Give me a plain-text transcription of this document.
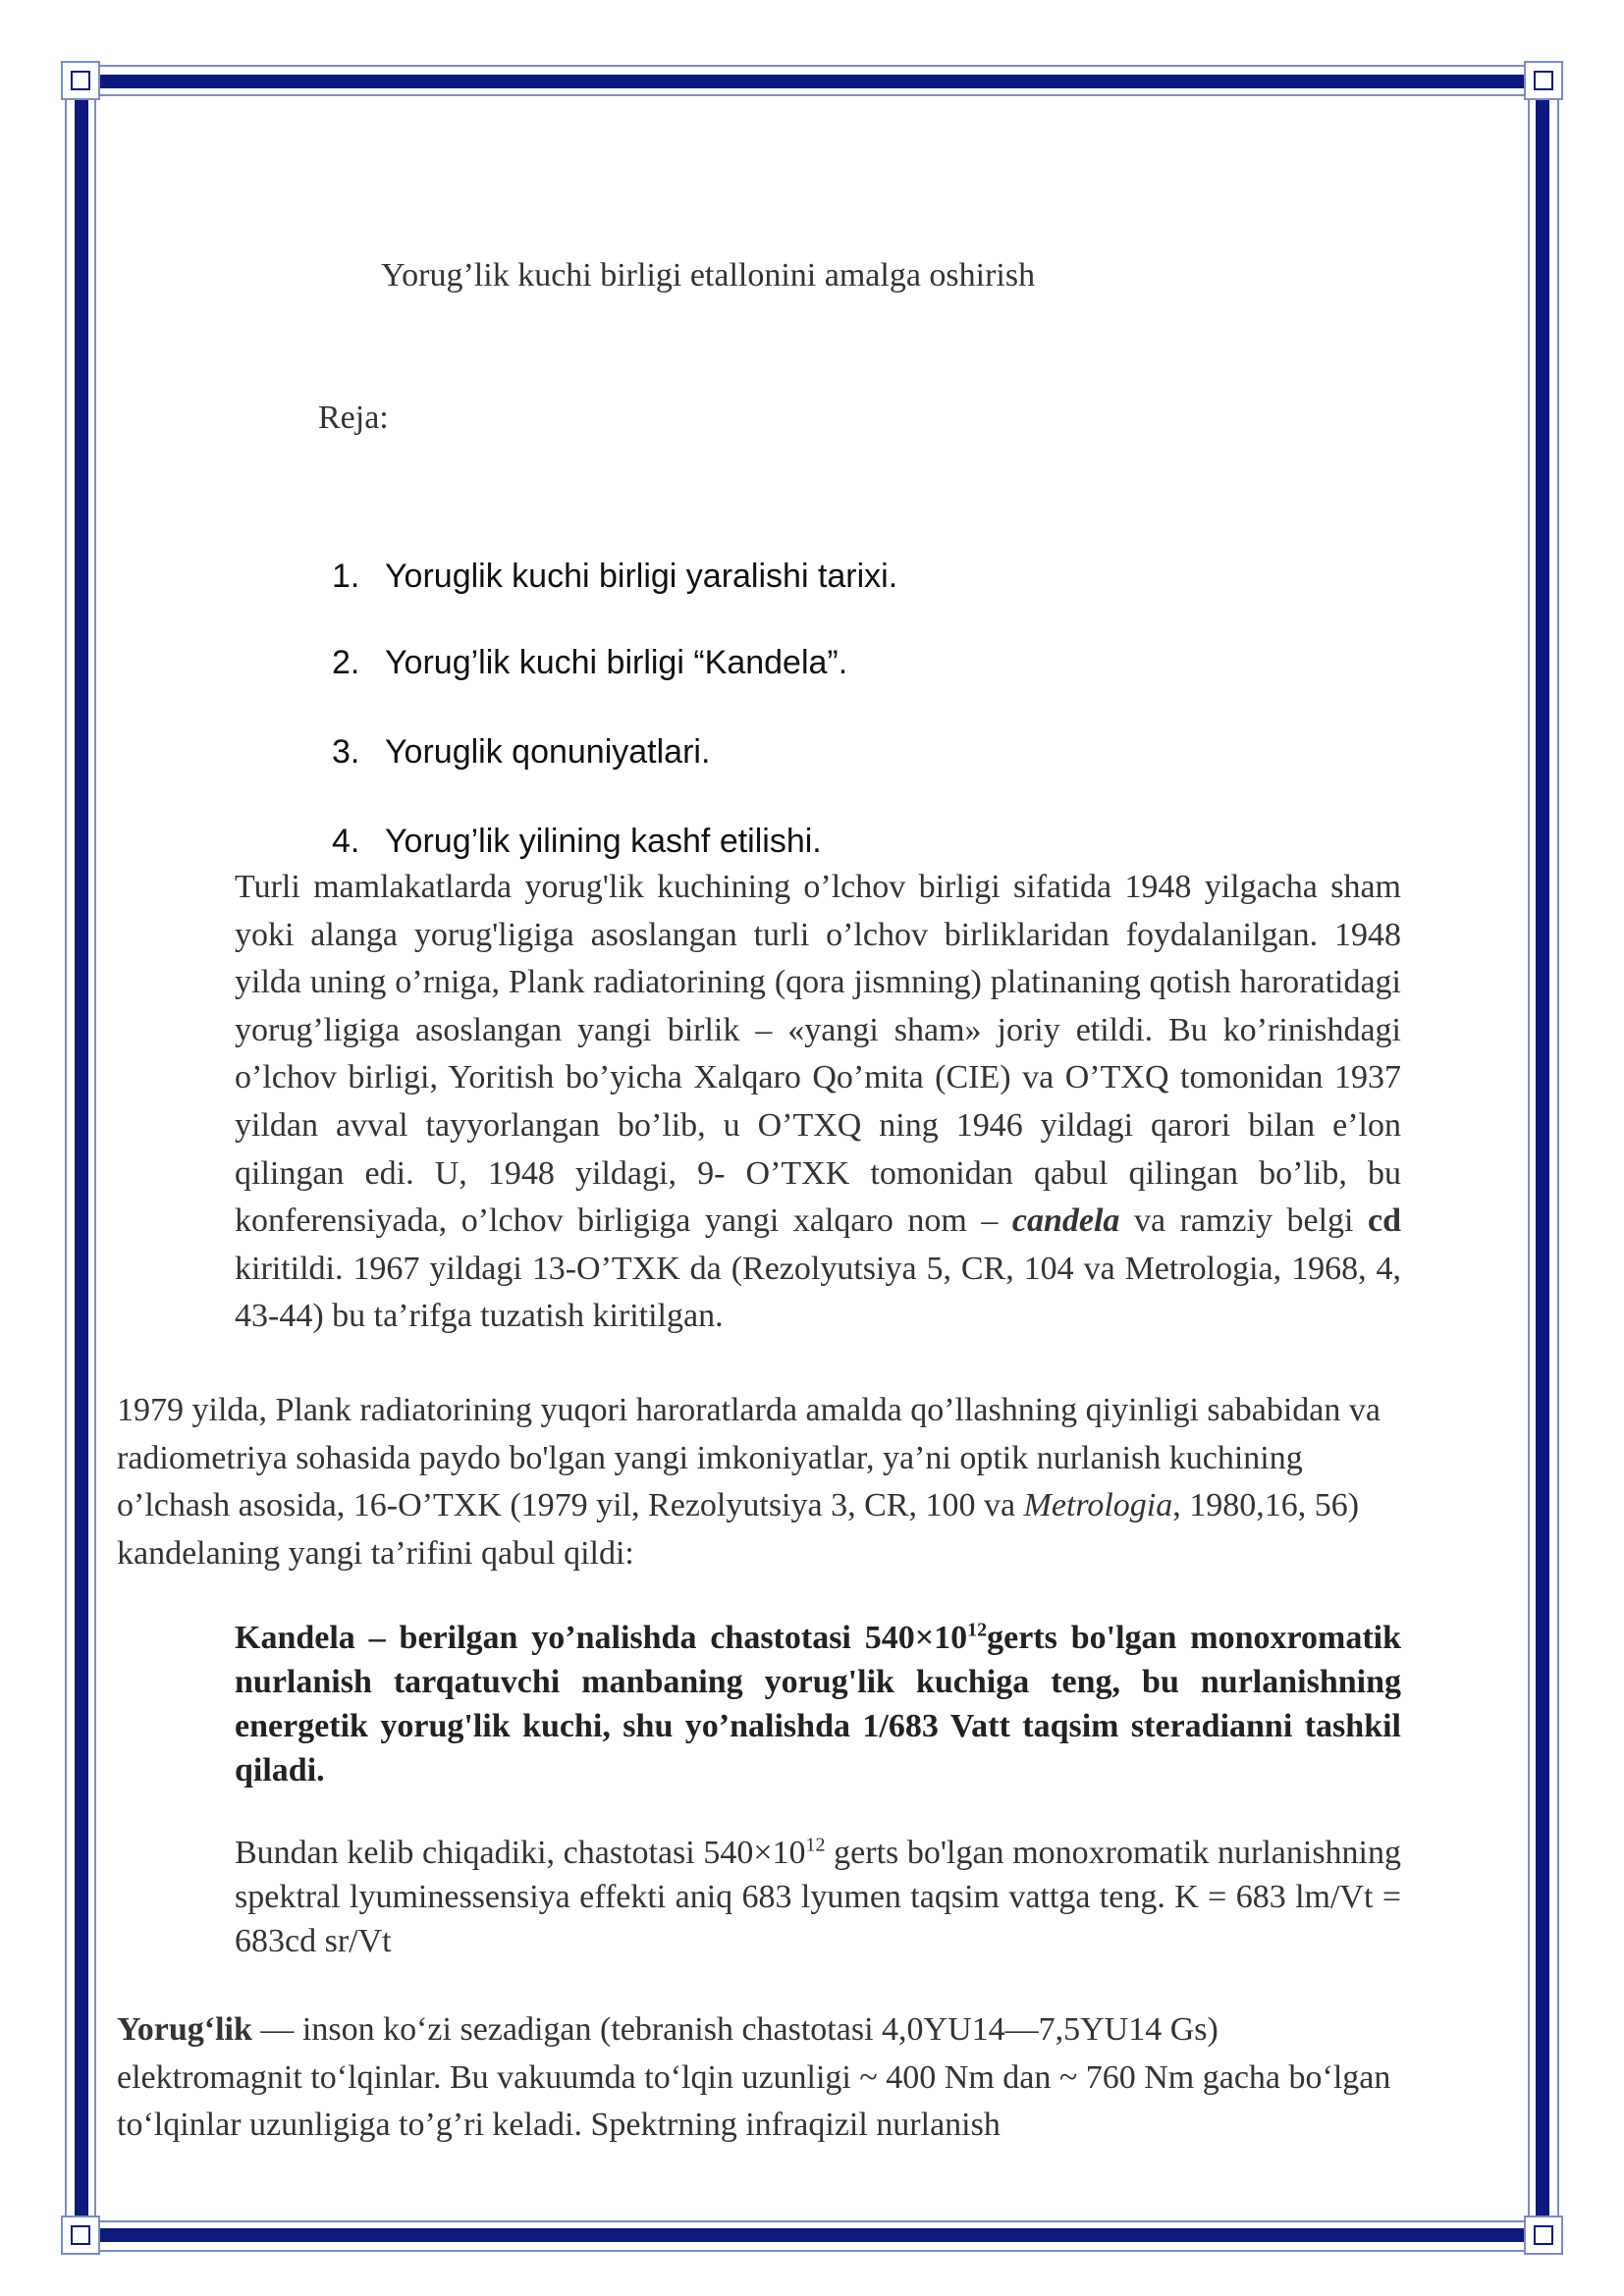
Yorug’lik kuchi birligi etallonini amalga oshirish
Reja:
1. Yoruglik kuchi birligi yaralishi tarixi.
2. Yorug’lik kuchi birligi “Kandela”.
3. Yoruglik qonuniyatlari.
4. Yorug’lik yilining kashf etilishi.

Turli mamlakatlarda yorug'lik kuchining o’lchov birligi sifatida 1948 yilgacha sham yoki alanga yorug'ligiga asoslangan turli o’lchov birliklaridan foydalanilgan. 1948 yilda uning o’rniga, Plank radiatorining (qora jismning) platinaning qotish haroratidagi yorug’ligiga asoslangan yangi birlik – «yangi sham» joriy etildi. Bu ko’rinishdagi o’lchov birligi, Yoritish bo’yicha Xalqaro Qo’mita (CIE) va O’TXQ tomonidan 1937 yildan avval tayyorlangan bo’lib, u O’TXQ ning 1946 yildagi qarori bilan e’lon qilingan edi. U, 1948 yildagi, 9- O’TXK tomonidan qabul qilingan bo’lib, bu konferensiyada, o’lchov birligiga yangi xalqaro nom – candela va ramziy belgi cd kiritildi. 1967 yildagi 13-O’TXK da (Rezolyutsiya 5, CR, 104 va Metrologia, 1968, 4, 43-44) bu ta’rifga tuzatish kiritilgan.

1979 yilda, Plank radiatorining yuqori haroratlarda amalda qo’llashning qiyinligi sababidan va radiometriya sohasida paydo bo'lgan yangi imkoniyatlar, ya’ni optik nurlanish kuchining o’lchash asosida, 16-O’TXK (1979 yil, Rezolyutsiya 3, CR, 100 va Metrologia, 1980,16, 56) kandelaning yangi ta’rifini qabul qildi:

Kandela – berilgan yo’nalishda chastotasi $540\times 10^{12}gerts$ bo'lgan monoxromatik nurlanish tarqatuvchi manbaning yorug'lik kuchiga teng, bu nurlanishning energetik yorug'lik kuchi, shu yo’nalishda 1/683 Vatt taqsim steradianni tashkil qiladi.

Bundan kelib chiqadiki, chastotasi $540\times 10^{12}$ gerts bo'lgan monoxromatik nurlanishning spektral lyuminessensiya effekti aniq 683 lyumen taqsim vattga teng. K = 683 lm/Vt = 683cd sr/Vt

Yorug‘lik — inson ko‘zi sezadigan (tebranish chastotasi 4,0YU14—7,5YU14 Gs) elektromagnit to‘lqinlar. Bu vakuumda to‘lqin uzunligi ~ 400 Nm dan ~ 760 Nm gacha bo‘lgan to‘lqinlar uzunligiga to’g’ri keladi. Spektrning infraqizil nurlanish
